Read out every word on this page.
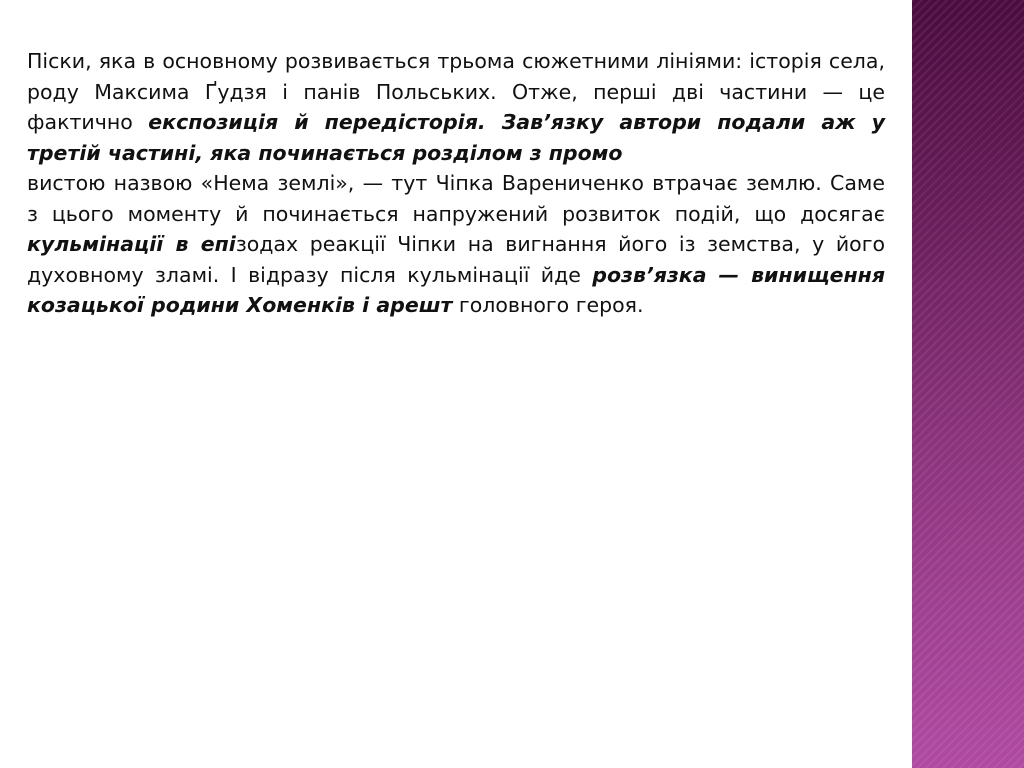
Піски, яка в основному розвивається трьома сюжетними лініями: історія села, роду Максима Ґудзя і панів Польських. Отже, перші дві частини — це фактично експозиція й передісторія. Зав’язку автори подали аж у третій частині, яка починається розділом з промо
вистою назвою «Нема землі», — тут Чіпка Варениченко втрачає землю. Саме з цього моменту й починається напружений розвиток подій, що досягає кульмінації в епізодах реакції Чіпки на вигнання його із земства, у його духовному зламі. І відразу після кульмінації йде розв’язка — винищення козацької родини Хоменків і арешт головного героя.
